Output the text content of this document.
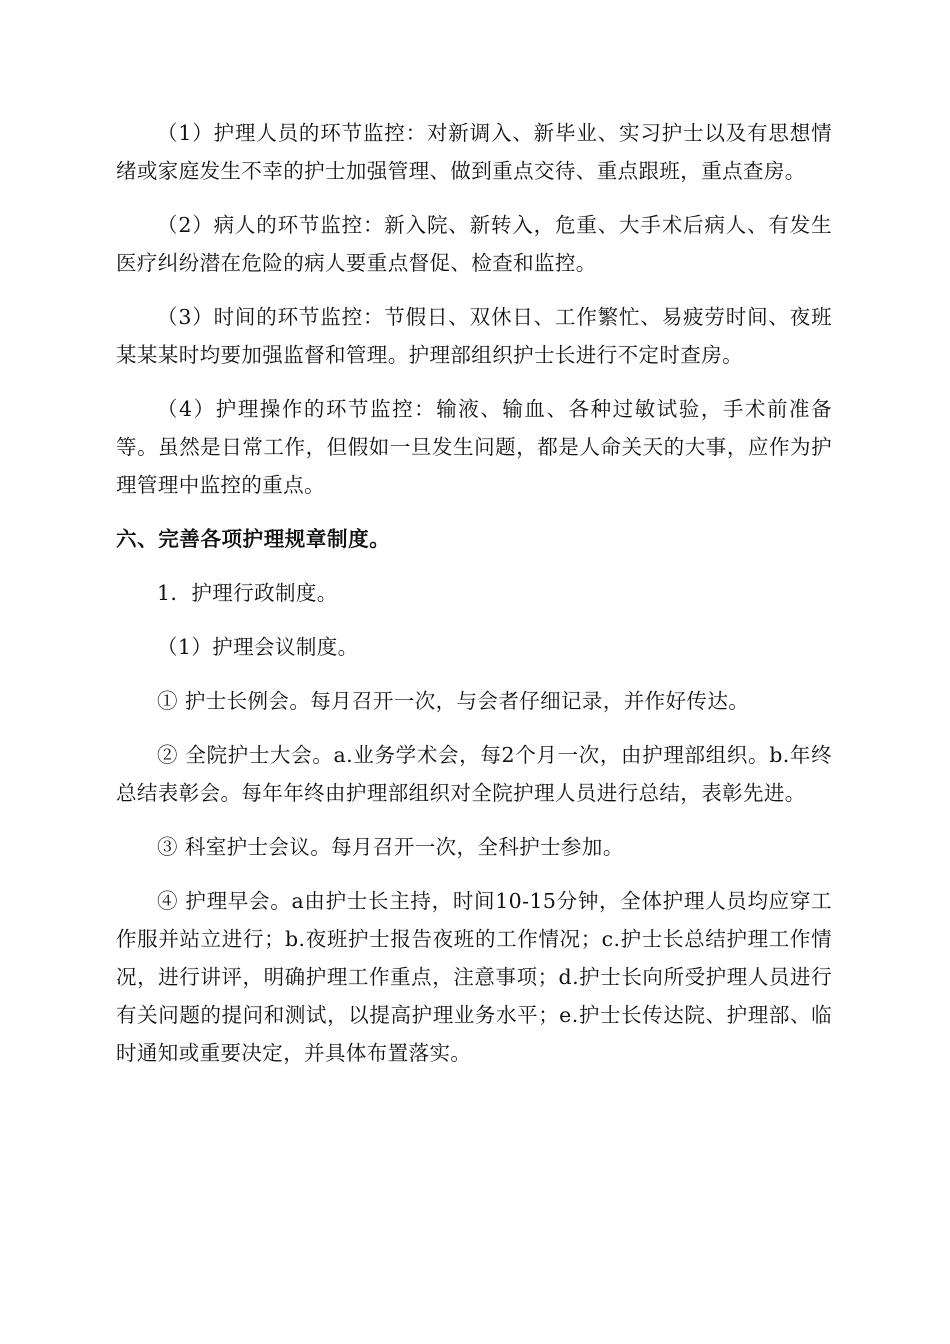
（1）护理人员的环节监控：对新调入、新毕业、实习护士以及有思想情绪或家庭发生不幸的护士加强管理、做到重点交待、重点跟班，重点查房。

（2）病人的环节监控：新入院、新转入，危重、大手术后病人、有发生医疗纠纷潜在危险的病人要重点督促、检查和监控。

（3）时间的环节监控：节假日、双休日、工作繁忙、易疲劳时间、夜班某某某时均要加强监督和管理。护理部组织护士长进行不定时查房。

（4）护理操作的环节监控：输液、输血、各种过敏试验，手术前准备等。虽然是日常工作，但假如一旦发生问题，都是人命关天的大事，应作为护理管理中监控的重点。

六、完善各项护理规章制度。

1．护理行政制度。

（1）护理会议制度。

① 护士长例会。每月召开一次，与会者仔细记录，并作好传达。

② 全院护士大会。a.业务学术会，每2个月一次，由护理部组织。b.年终总结表彰会。每年年终由护理部组织对全院护理人员进行总结，表彰先进。

③ 科室护士会议。每月召开一次，全科护士参加。

④ 护理早会。a由护士长主持，时间10-15分钟，全体护理人员均应穿工作服并站立进行；b.夜班护士报告夜班的工作情况；c.护士长总结护理工作情况，进行讲评，明确护理工作重点，注意事项；d.护士长向所受护理人员进行有关问题的提问和测试，以提高护理业务水平；e.护士长传达院、护理部、临时通知或重要决定，并具体布置落实。
